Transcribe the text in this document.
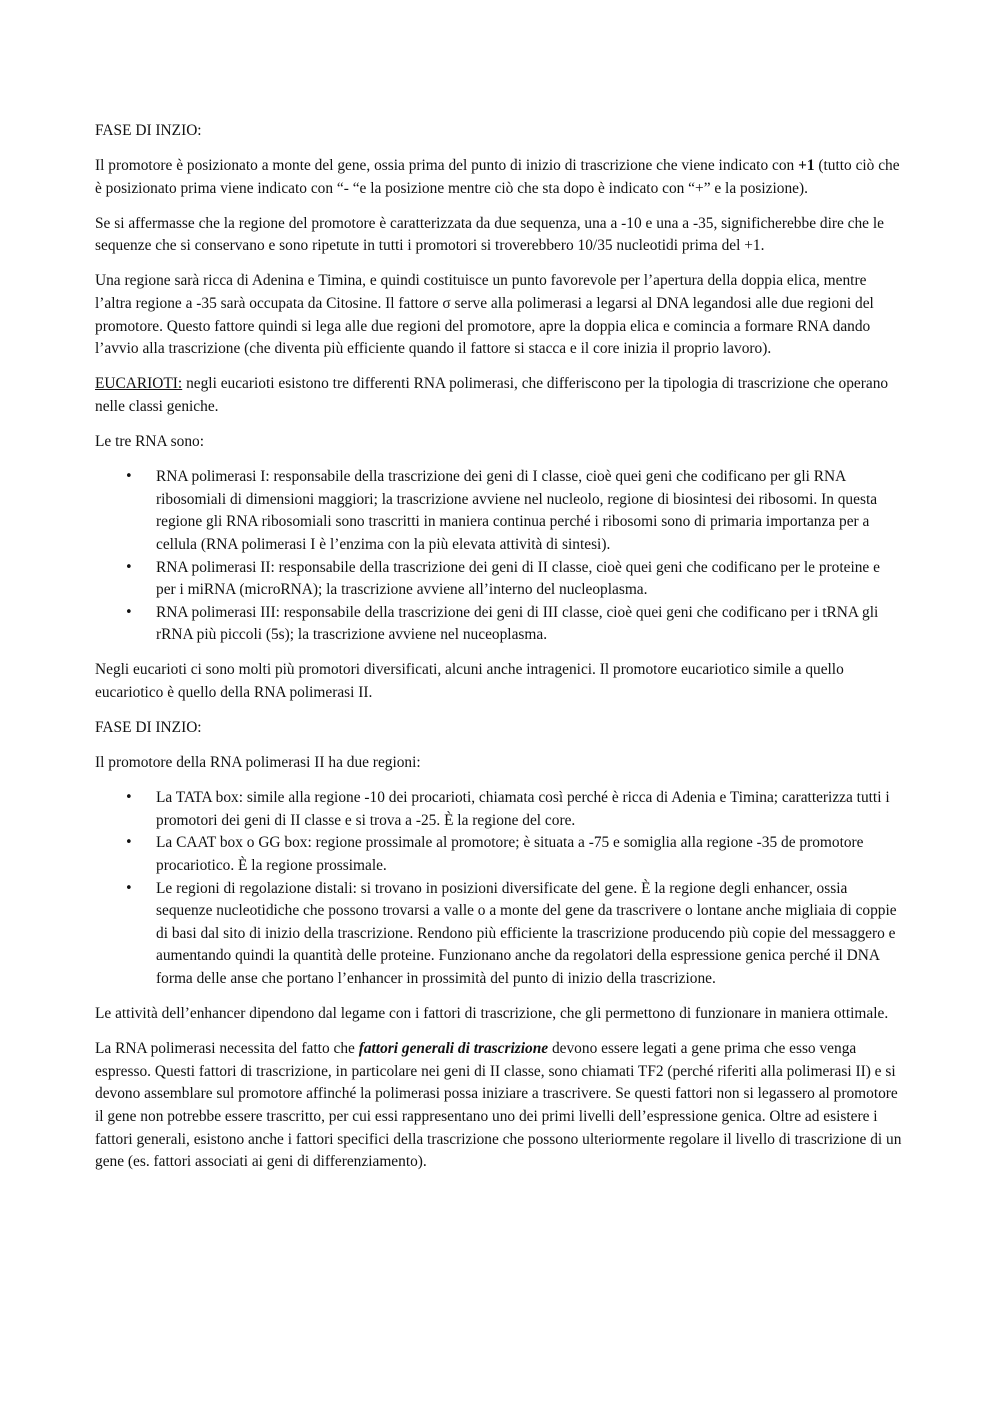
FASE DI INZIO:

Il promotore è posizionato a monte del gene, ossia prima del punto di inizio di trascrizione che viene indicato con +1 (tutto ciò che è posizionato prima viene indicato con “- “e la posizione mentre ciò che sta dopo è indicato con “+” e la posizione).

Se si affermasse che la regione del promotore è caratterizzata da due sequenza, una a -10 e una a -35, significherebbe dire che le sequenze che si conservano e sono ripetute in tutti i promotori si troverebbero 10/35 nucleotidi prima del +1.

Una regione sarà ricca di Adenina e Timina, e quindi costituisce un punto favorevole per l’apertura della doppia elica, mentre l’altra regione a -35 sarà occupata da Citosine. Il fattore σ serve alla polimerasi a legarsi al DNA legandosi alle due regioni del promotore. Questo fattore quindi si lega alle due regioni del promotore, apre la doppia elica e comincia a formare RNA dando l’avvio alla trascrizione (che diventa più efficiente quando il fattore si stacca e il core inizia il proprio lavoro).

EUCARIOTI: negli eucarioti esistono tre differenti RNA polimerasi, che differiscono per la tipologia di trascrizione che operano nelle classi geniche.

Le tre RNA sono:

• RNA polimerasi I: responsabile della trascrizione dei geni di I classe, cioè quei geni che codificano per gli RNA ribosomiali di dimensioni maggiori; la trascrizione avviene nel nucleolo, regione di biosintesi dei ribosomi. In questa regione gli RNA ribosomiali sono trascritti in maniera continua perché i ribosomi sono di primaria importanza per a cellula (RNA polimerasi I è l’enzima con la più elevata attività di sintesi).
• RNA polimerasi II: responsabile della trascrizione dei geni di II classe, cioè quei geni che codificano per le proteine e per i miRNA (microRNA); la trascrizione avviene all’interno del nucleoplasma.
• RNA polimerasi III: responsabile della trascrizione dei geni di III classe, cioè quei geni che codificano per i tRNA gli rRNA più piccoli (5s); la trascrizione avviene nel nuceoplasma.

Negli eucarioti ci sono molti più promotori diversificati, alcuni anche intragenici. Il promotore eucariotico simile a quello eucariotico è quello della RNA polimerasi II.

FASE DI INZIO:

Il promotore della RNA polimerasi II ha due regioni:

• La TATA box: simile alla regione -10 dei procarioti, chiamata così perché è ricca di Adenia e Timina; caratterizza tutti i promotori dei geni di II classe e si trova a -25. È la regione del core.
• La CAAT box o GG box: regione prossimale al promotore; è situata a -75 e somiglia alla regione -35 de promotore procariotico. È la regione prossimale.
• Le regioni di regolazione distali: si trovano in posizioni diversificate del gene. È la regione degli enhancer, ossia sequenze nucleotidiche che possono trovarsi a valle o a monte del gene da trascrivere o lontane anche migliaia di coppie di basi dal sito di inizio della trascrizione. Rendono più efficiente la trascrizione producendo più copie del messaggero e aumentando quindi la quantità delle proteine. Funzionano anche da regolatori della espressione genica perché il DNA forma delle anse che portano l’enhancer in prossimità del punto di inizio della trascrizione.

Le attività dell’enhancer dipendono dal legame con i fattori di trascrizione, che gli permettono di funzionare in maniera ottimale.

La RNA polimerasi necessita del fatto che fattori generali di trascrizione devono essere legati a gene prima che esso venga espresso. Questi fattori di trascrizione, in particolare nei geni di II classe, sono chiamati TF2 (perché riferiti alla polimerasi II) e si devono assemblare sul promotore affinché la polimerasi possa iniziare a trascrivere. Se questi fattori non si legassero al promotore il gene non potrebbe essere trascritto, per cui essi rappresentano uno dei primi livelli dell’espressione genica. Oltre ad esistere i fattori generali, esistono anche i fattori specifici della trascrizione che possono ulteriormente regolare il livello di trascrizione di un gene (es. fattori associati ai geni di differenziamento).
